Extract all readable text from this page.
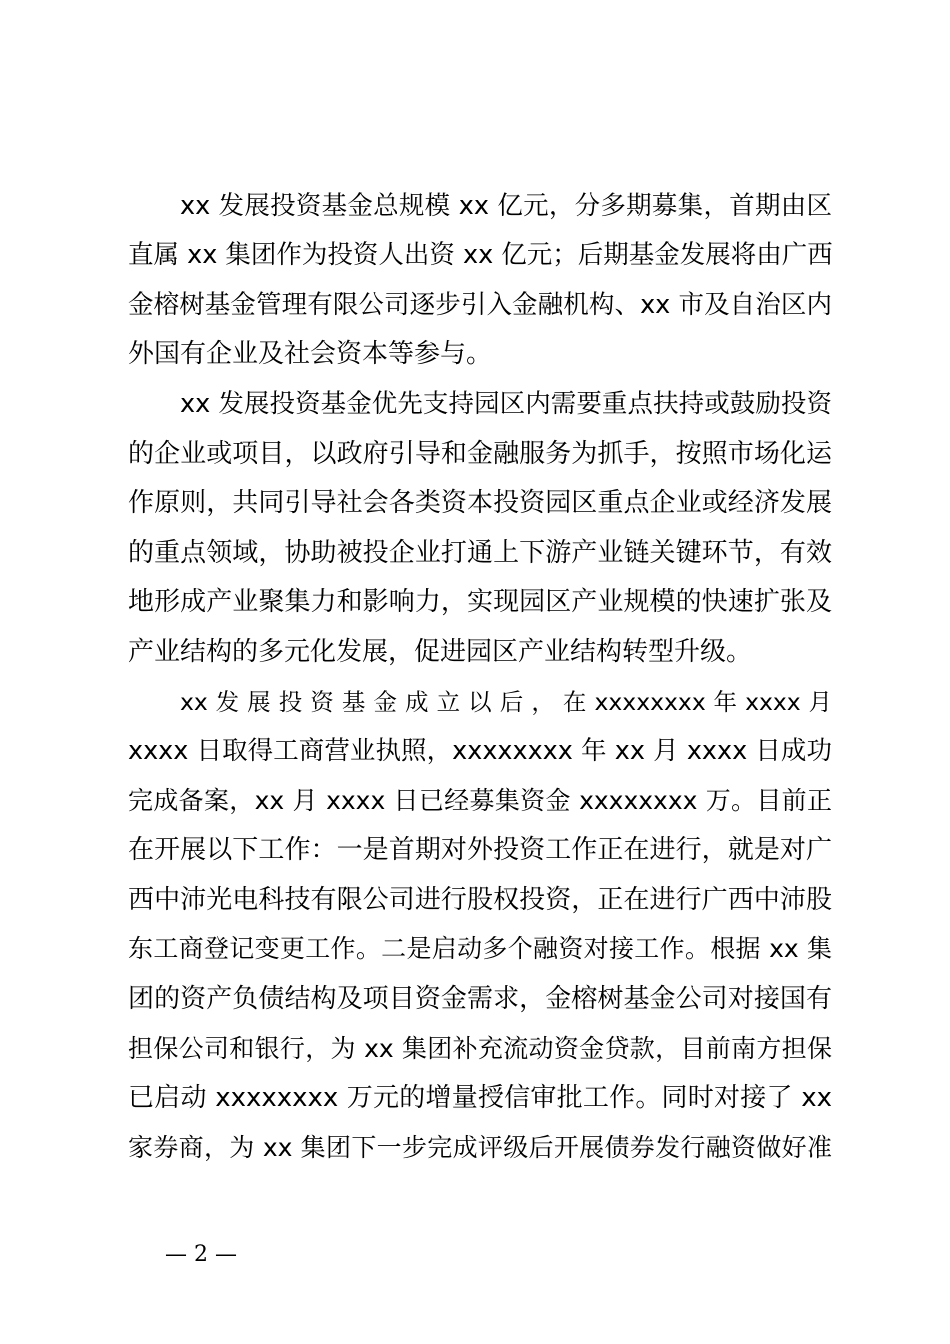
xx 发展投资基金总规模 xx 亿元，分多期募集，首期由区
直属 xx 集团作为投资人出资 xx 亿元；后期基金发展将由广西
金榕树基金管理有限公司逐步引入金融机构、xx 市及自治区内
外国有企业及社会资本等参与。
xx 发展投资基金优先支持园区内需要重点扶持或鼓励投资
的企业或项目，以政府引导和金融服务为抓手，按照市场化运
作原则，共同引导社会各类资本投资园区重点企业或经济发展
的重点领域，协助被投企业打通上下游产业链关键环节，有效
地形成产业聚集力和影响力，实现园区产业规模的快速扩张及
产业结构的多元化发展，促进园区产业结构转型升级。
xx 发 展 投 资 基 金 成 立 以 后 ， 在 xxxxxxxx 年 xxxx 月
xxxx 日取得工商营业执照，xxxxxxxx 年 xx 月 xxxx 日成功
完成备案，xx 月 xxxx 日已经募集资金 xxxxxxxx 万。目前正
在开展以下工作：一是首期对外投资工作正在进行，就是对广
西中沛光电科技有限公司进行股权投资，正在进行广西中沛股
东工商登记变更工作。二是启动多个融资对接工作。根据 xx 集
团的资产负债结构及项目资金需求，金榕树基金公司对接国有
担保公司和银行，为 xx 集团补充流动资金贷款，目前南方担保
已启动 xxxxxxxx 万元的增量授信审批工作。同时对接了 xx
家券商，为 xx 集团下一步完成评级后开展债券发行融资做好准
— 2 —
